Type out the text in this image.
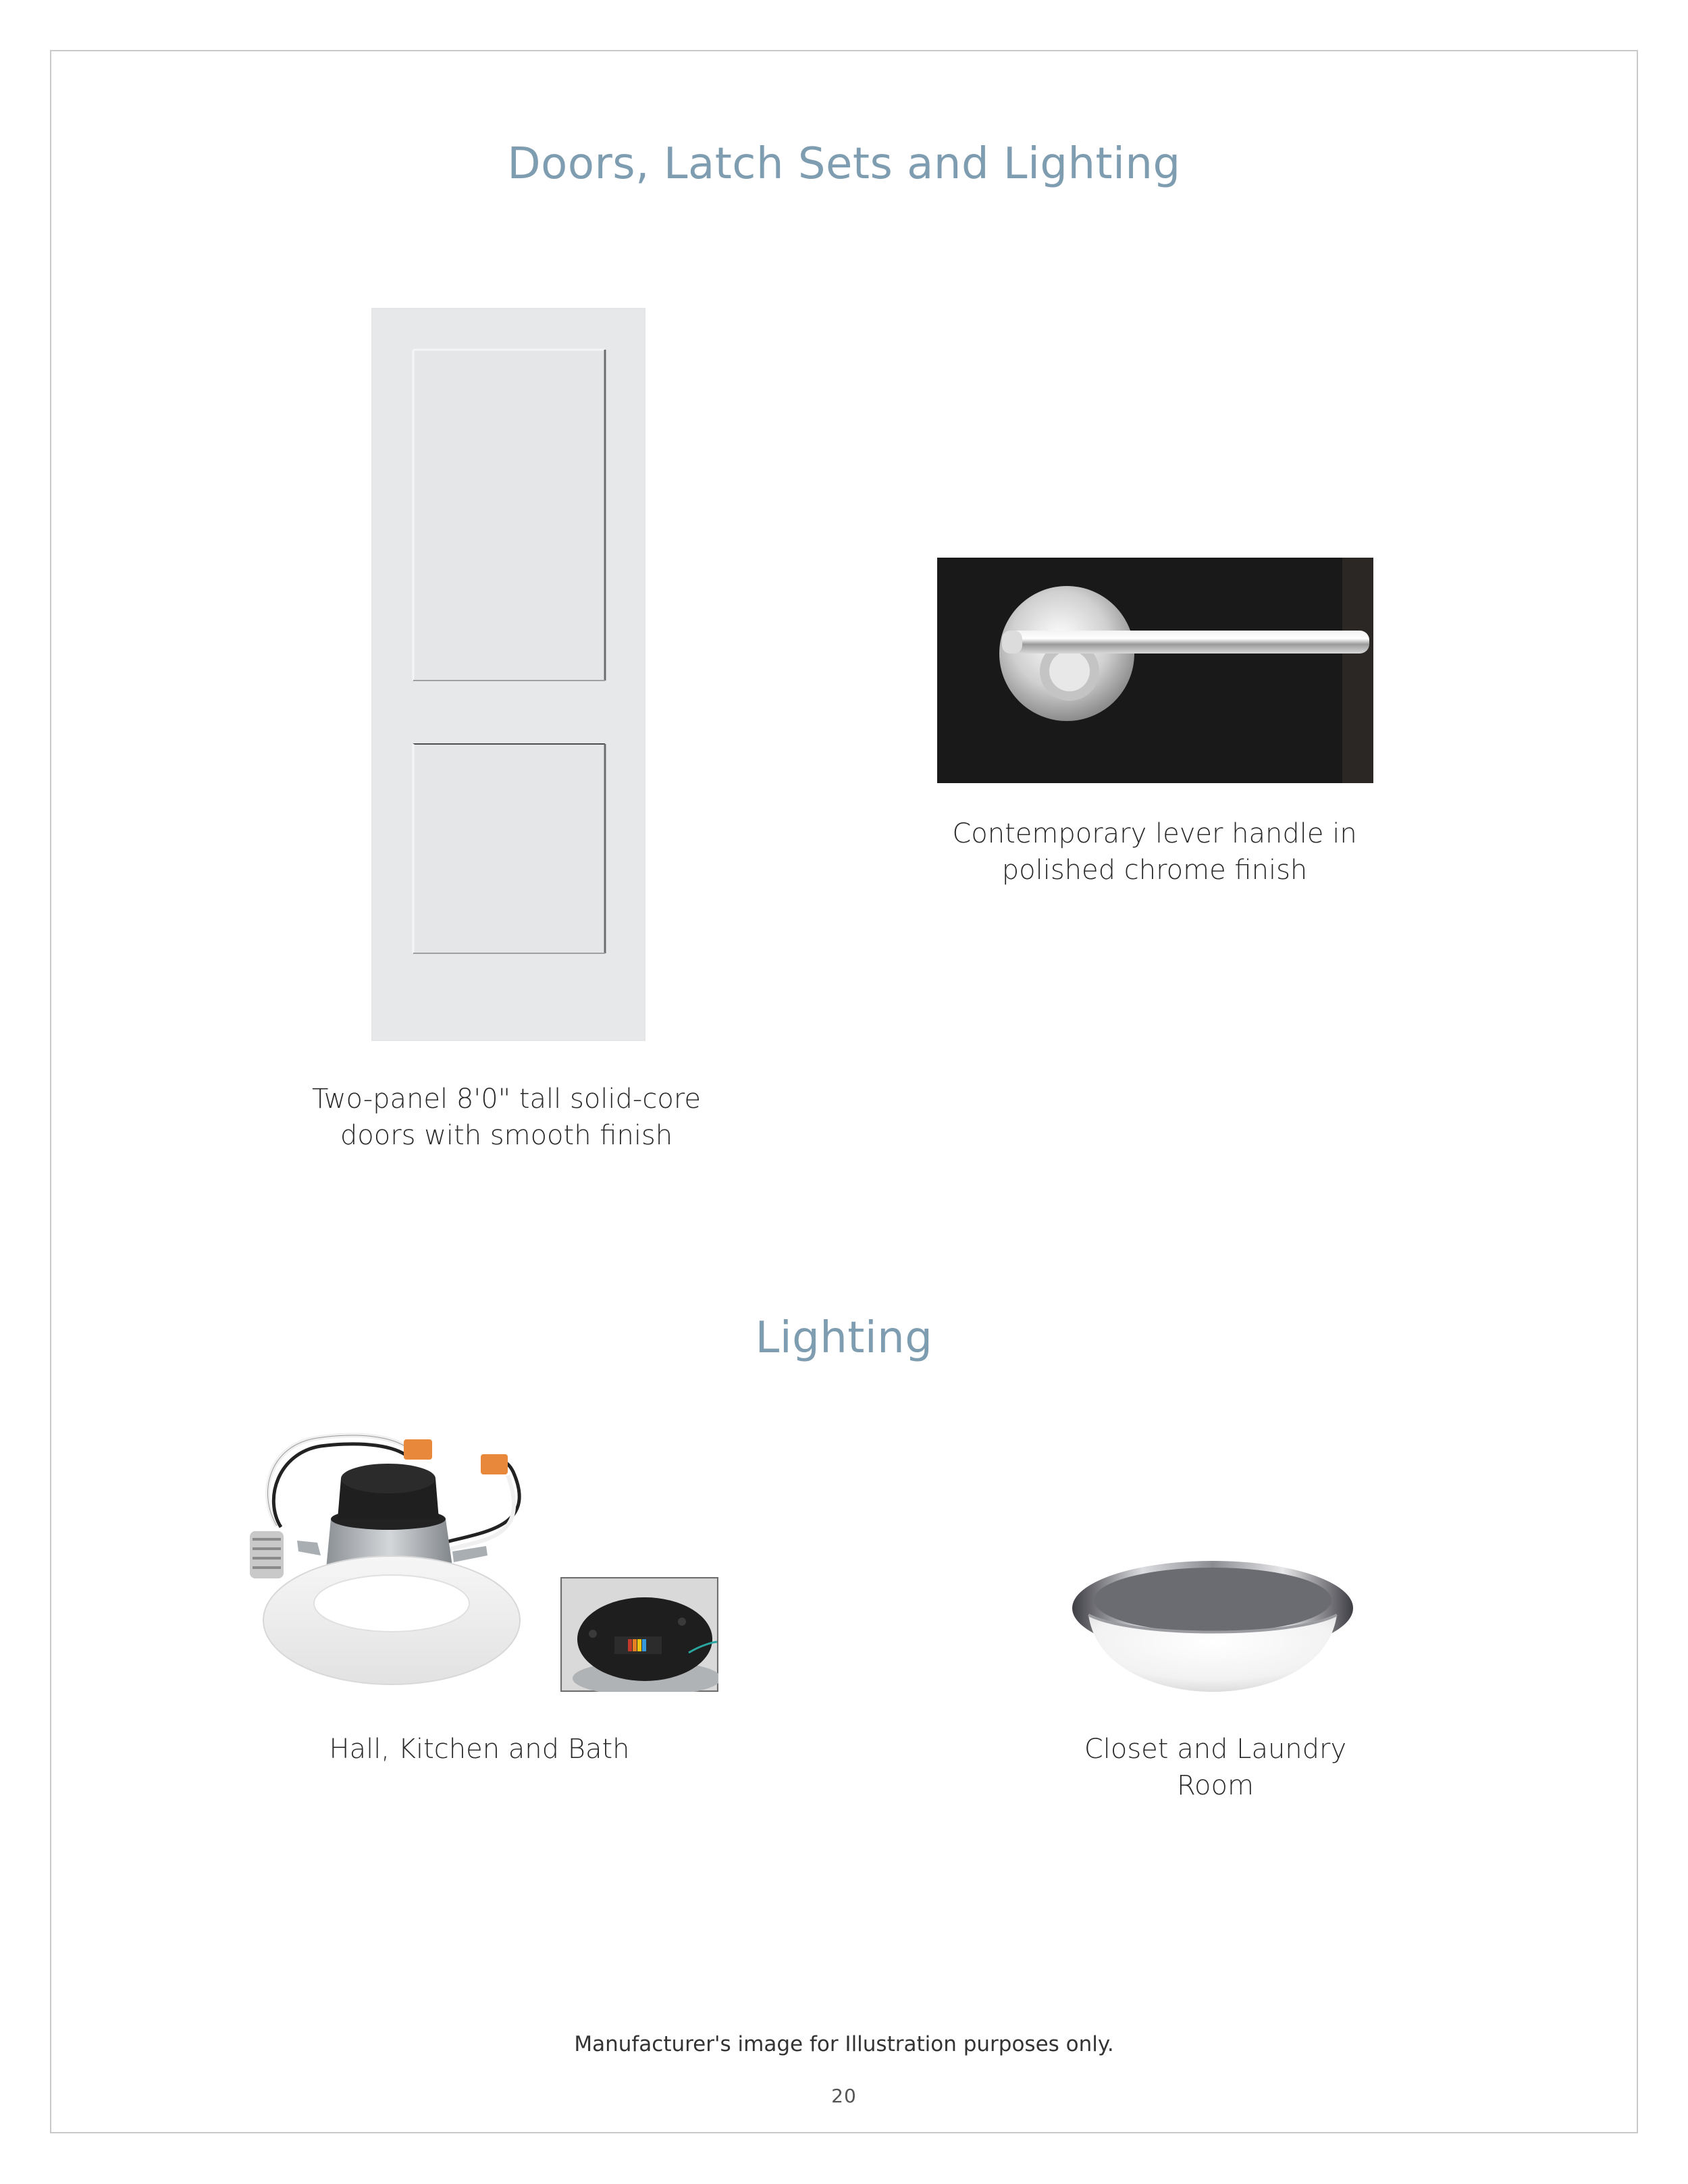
Doors, Latch Sets and Lighting
Two-panel 8'0" tall solid-core
doors with smooth finish
Contemporary lever handle in
polished chrome finish
Lighting
Hall, Kitchen and Bath	Closet and Laundry
Room
Manufacturer's image for Illustration purposes only.
20
